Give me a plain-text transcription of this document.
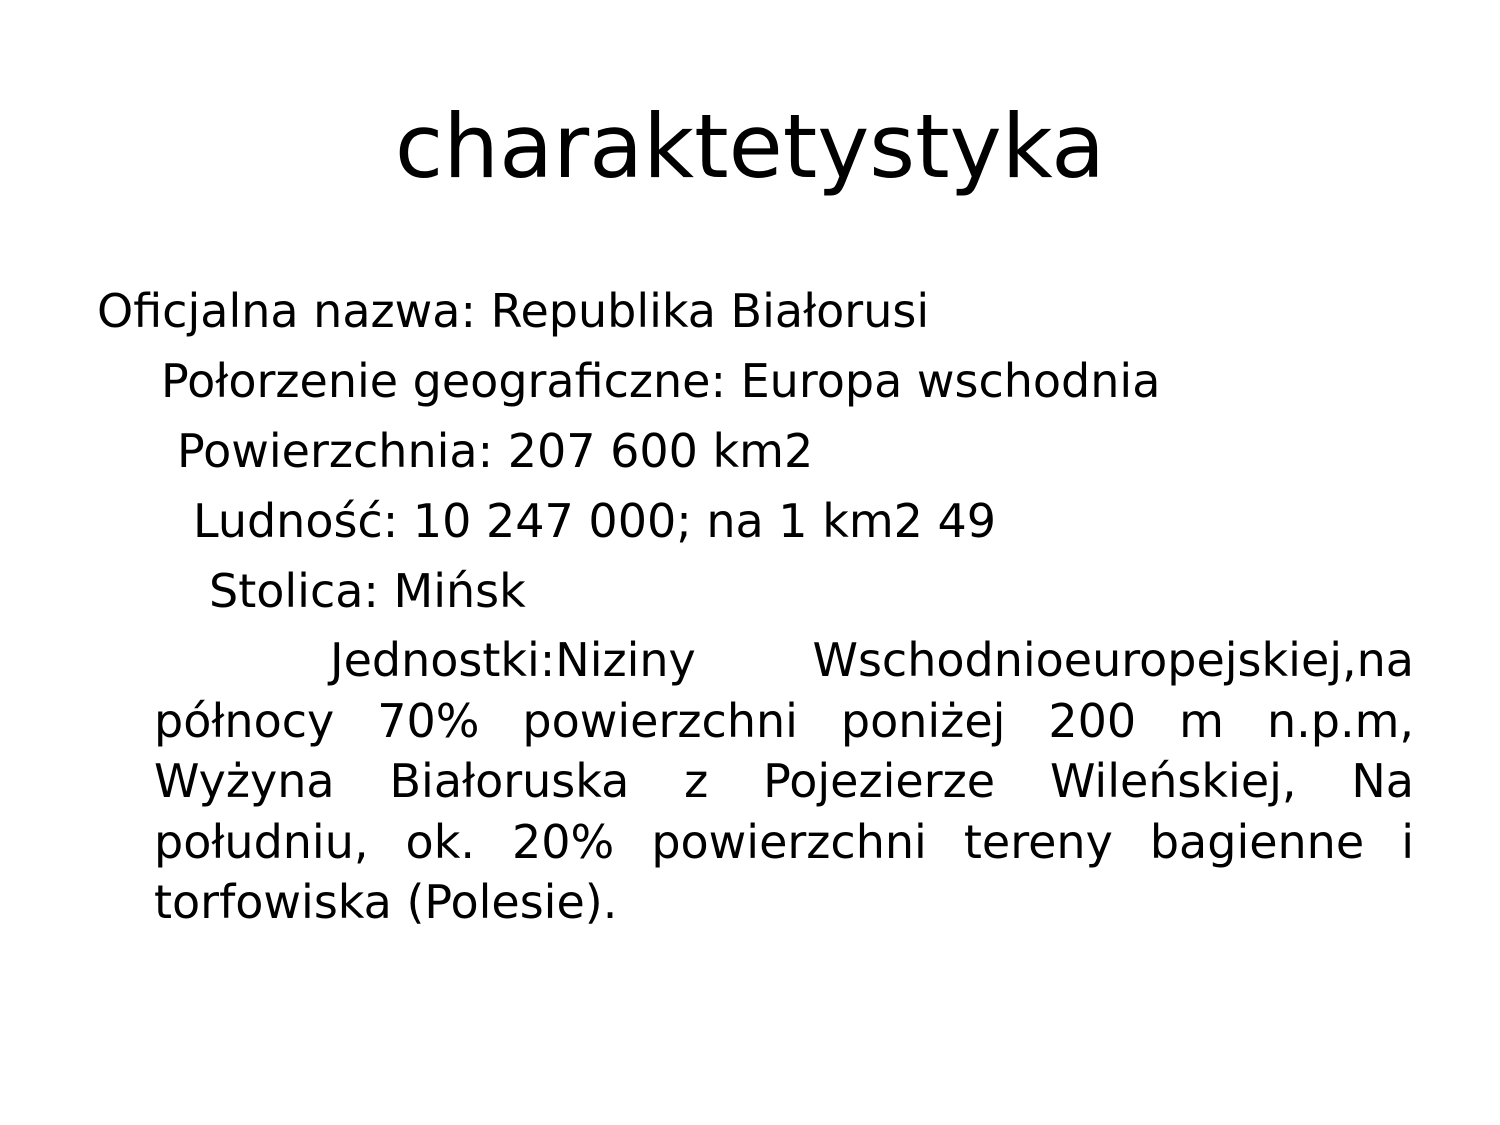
charaktetystyka
Oficjalna nazwa: Republika Białorusi
Połorzenie geograficzne: Europa wschodnia
Powierzchnia: 207 600 km2
Ludność: 10 247 000; na 1 km2 49
Stolica: Mińsk
Jednostki:Niziny Wschodnioeuropejskiej,na północy 70% powierzchni poniżej 200 m n.p.m, Wyżyna Białoruska z Pojezierze Wileńskiej, Na południu, ok. 20% powierzchni tereny bagienne i torfowiska (Polesie).
